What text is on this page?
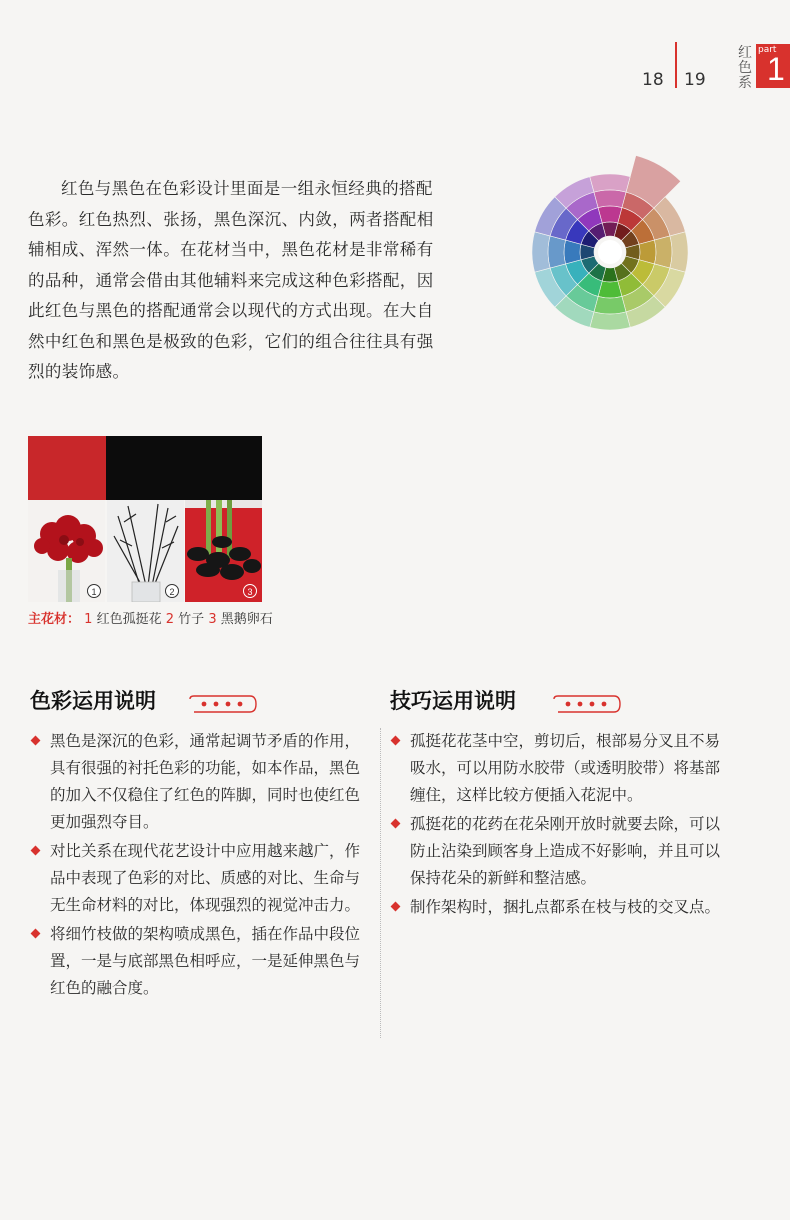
18 19
红色系
part
1

红色与黑色在色彩设计里面是一组永恒经典的搭配色彩。红色热烈、张扬，黑色深沉、内敛，两者搭配相辅相成、浑然一体。在花材当中，黑色花材是非常稀有的品种，通常会借由其他辅料来完成这种色彩搭配，因此红色与黑色的搭配通常会以现代的方式出现。在大自然中红色和黑色是极致的色彩，它们的组合往往具有强烈的装饰感。

1	2	3
主花材： 1 红色孤挺花 2 竹子 3 黑鹅卵石
色彩运用说明
黑色是深沉的色彩，通常起调节矛盾的作用，具有很强的衬托色彩的功能，如本作品，黑色的加入不仅稳住了红色的阵脚，同时也使红色更加强烈夺目。
对比关系在现代花艺设计中应用越来越广，作品中表现了色彩的对比、质感的对比、生命与无生命材料的对比，体现强烈的视觉冲击力。
将细竹枝做的架构喷成黑色，插在作品中段位置，一是与底部黑色相呼应，一是延伸黑色与红色的融合度。
技巧运用说明
孤挺花花茎中空，剪切后，根部易分叉且不易吸水，可以用防水胶带（或透明胶带）将基部缠住，这样比较方便插入花泥中。
孤挺花的花药在花朵刚开放时就要去除，可以防止沾染到顾客身上造成不好影响，并且可以保持花朵的新鲜和整洁感。
制作架构时，捆扎点都系在枝与枝的交叉点。
